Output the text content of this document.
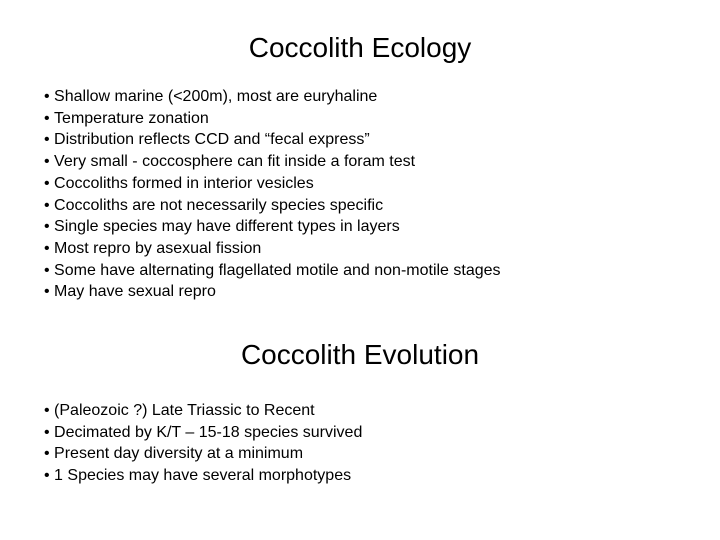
Coccolith Ecology
• Shallow marine (<200m), most are euryhaline
• Temperature zonation
• Distribution reflects CCD and “fecal express”
• Very small - coccosphere can fit inside a foram test
• Coccoliths formed in interior vesicles
• Coccoliths are not necessarily species specific
• Single species may have different types in layers
• Most repro by asexual fission
• Some have alternating flagellated motile and non-motile stages
• May have sexual repro
Coccolith Evolution
• (Paleozoic ?) Late Triassic to Recent
• Decimated by K/T – 15-18 species survived
• Present day diversity at a minimum
• 1 Species may have several morphotypes
